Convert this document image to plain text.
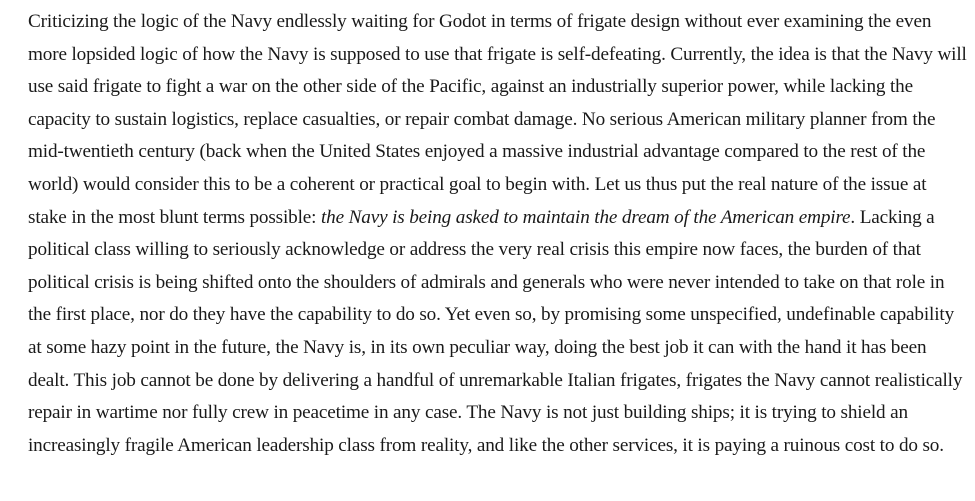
Criticizing the logic of the Navy endlessly waiting for Godot in terms of frigate design without ever examining the even more lopsided logic of how the Navy is supposed to use that frigate is self-defeating. Currently, the idea is that the Navy will use said frigate to fight a war on the other side of the Pacific, against an industrially superior power, while lacking the capacity to sustain logistics, replace casualties, or repair combat damage. No serious American military planner from the mid-twentieth century (back when the United States enjoyed a massive industrial advantage compared to the rest of the world) would consider this to be a coherent or practical goal to begin with. Let us thus put the real nature of the issue at stake in the most blunt terms possible: the Navy is being asked to maintain the dream of the American empire. Lacking a political class willing to seriously acknowledge or address the very real crisis this empire now faces, the burden of that political crisis is being shifted onto the shoulders of admirals and generals who were never intended to take on that role in the first place, nor do they have the capability to do so. Yet even so, by promising some unspecified, undefinable capability at some hazy point in the future, the Navy is, in its own peculiar way, doing the best job it can with the hand it has been dealt. This job cannot be done by delivering a handful of unremarkable Italian frigates, frigates the Navy cannot realistically repair in wartime nor fully crew in peacetime in any case. The Navy is not just building ships; it is trying to shield an increasingly fragile American leadership class from reality, and like the other services, it is paying a ruinous cost to do so.
